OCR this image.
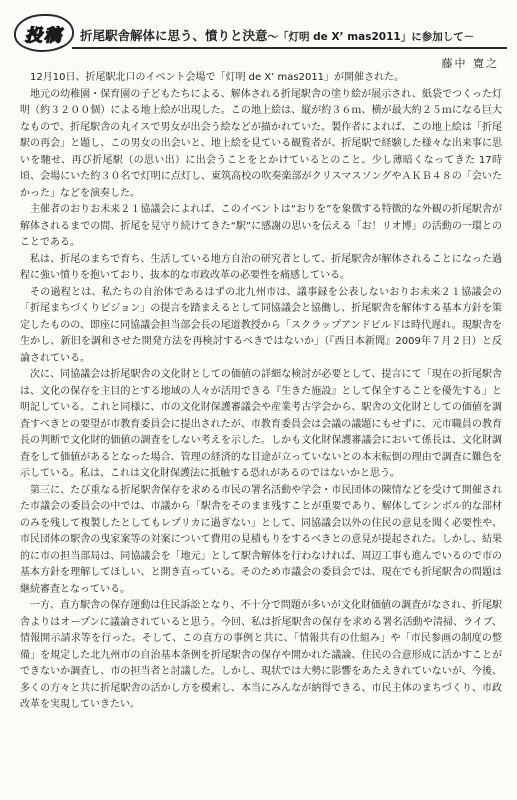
投稿	折尾駅舎解体に思う、憤りと決意～「灯明 de X’ mas2011」に参加して－
藤中 寛之

12月10日、折尾駅北口のイベント会場で「灯明 de X’ mas2011」が開催された。

地元の幼稚園・保育園の子どもたちによる、解体される折尾駅舎の塗り絵が展示され、紙袋でつくった灯明（約３２００個）による地上絵が出現した。この地上絵は、縦が約３６ｍ、横が最大約２５ｍになる巨大なもので、折尾駅舎の丸イスで男女が出会う絵などが描かれていた。製作者によれば、この地上絵は「折尾駅の再会」と題し、この男女の出会いと、地上絵を見ている観覧者が、折尾駅で経験した様々な出来事に思いを馳せ、再び折尾駅（の思い出）に出会うことをとかけているとのこと。少し薄暗くなってきた 17時頃、会場にいた約３０名で灯明に点灯し、東筑高校の吹奏楽部がクリスマスソングやＡＫＢ４８の「会いたかった」などを演奏した。

主催者のおりお未来２１協議会によれば、このイベントは“おりを”を象徴する特徴的な外観の折尾駅舎が解体されるまでの間、折尾を見守り続けてきた“駅”に感謝の思いを伝える「お！リオ博」の活動の一環とのことである。

私は、折尾のまちで育ち、生活している地方自治の研究者として、折尾駅舎が解体されることになった過程に強い憤りを抱いており、抜本的な市政改革の必要性を痛感している。

その過程とは、私たちの自治体であるはずの北九州市は、議事録を公表しないおりお未来２１協議会の「折尾まちづくりビジョン」の提言を踏まえるとして同協議会と協働し、折尾駅舎を解体する基本方針を策定したものの、即座に同協議会担当部会長の尾道教授から「スクラップアンドビルドは時代遅れ。現駅舎を生かし、新旧を調和させた開発方法を再検討するべきではないか」（『西日本新聞』2009年７月２日）と反論されている。

次に、同協議会は折尾駅舎の文化財としての価値の詳細な検討が必要として、提言にて「現在の折尾駅舎は、文化の保存を主目的とする地域の人々が活用できる『生きた施設』として保全することを優先する」と明記している。これと同様に、市の文化財保護審議会や産業考古学会から、駅舎の文化財としての価値を調査すべきとの要望が市教育委員会に提出されたが、市教育委員会は会議の議題にもせずに、元市職員の教育長の判断で文化財的価値の調査をしない考えを示した。しかも文化財保護審議会において係長は、文化財調査をして価値があるとなった場合、管理の経済的な目途が立っていないとの本末転倒の理由で調査に難色を示している。私は、これは文化財保護法に抵触する恐れがあるのではないかと思う。

第三に、たび重なる折尾駅舎保存を求める市民の署名活動や学会・市民団体の陳情などを受けて開催された市議会の委員会の中では、市議から「駅舎をそのまま残すことが重要であり、解体してシンボル的な部材のみを残して複製したとしてもレプリカに過ぎない」として、同協議会以外の住民の意見を聞く必要性や、市民団体の駅舎の曳家案等の対案について費用の見積もりをするべきとの意見が提起された。しかし、結果的に市の担当部局は、同協議会を「地元」として駅舎解体を行わなければ、周辺工事も進んでいるので市の基本方針を理解してほしい、と開き直っている。そのため市議会の委員会では、現在でも折尾駅舎の問題は継続審査となっている。

一方、直方駅舎の保存運動は住民訴訟となり、不十分で問題が多いが文化財価値の調査がなされ、折尾駅舎よりはオープンに議論されていると思う。今回、私は折尾駅舎の保存を求める署名活動や清掃、ライブ、情報開示請求等を行った。そして、この直方の事例と共に、「情報共有の仕組み」や「市民参画の制度の整備」を規定した北九州市の自治基本条例を折尾駅舎の保存や開かれた議論、住民の合意形成に活かすことができないか調査し、市の担当者と討議した。しかし、現状では大勢に影響をあたえきれていないが、今後、多くの方々と共に折尾駅舎の活かし方を模索し、本当にみんなが納得できる、市民主体のまちづくり、市政改革を実現していきたい。
